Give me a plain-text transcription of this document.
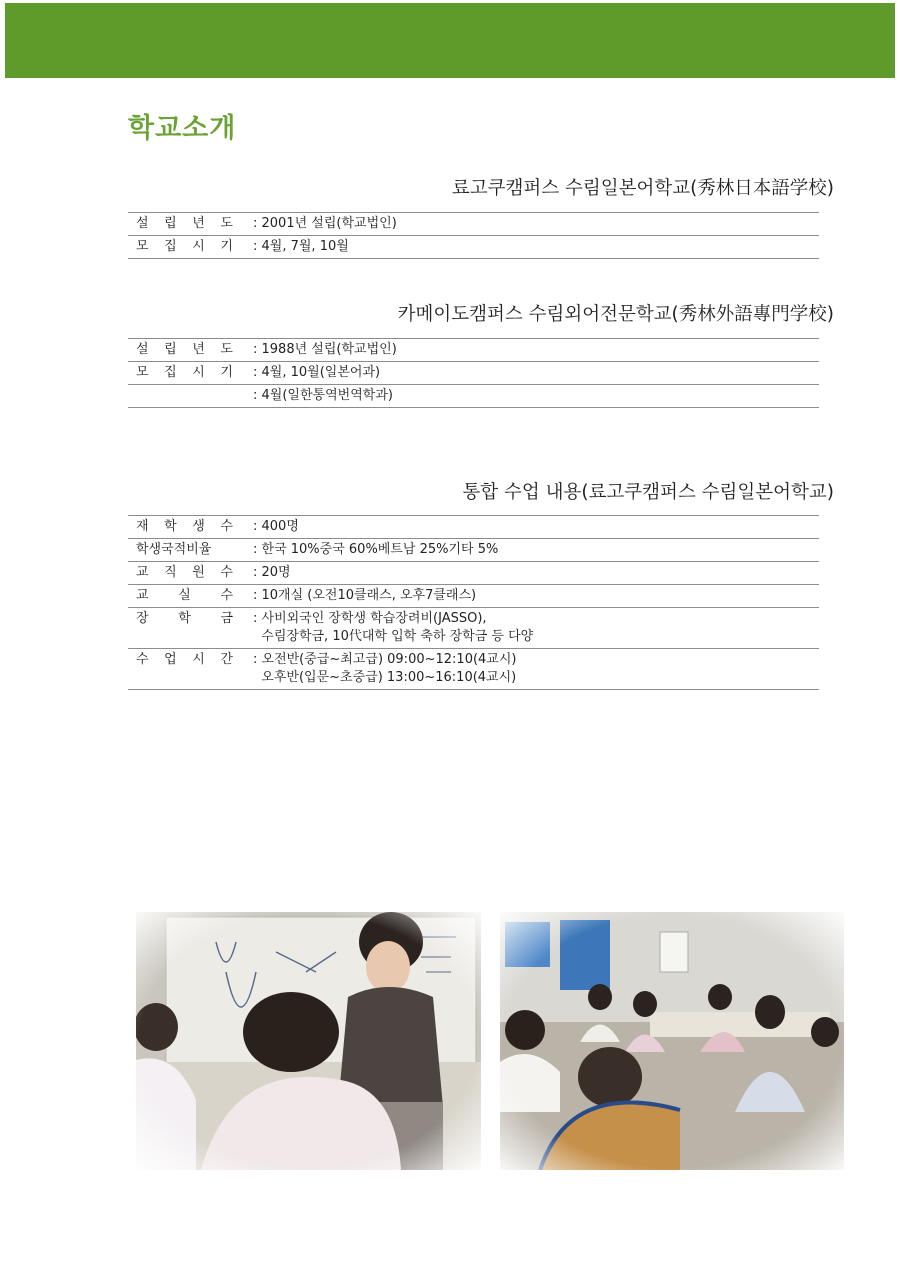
학교소개
료고쿠캠퍼스 수림일본어학교(秀林日本語学校)
설 립 년 도	: 2001년 설립(학교법인)

모 집 시 기	: 4월, 7월, 10월
카메이도캠퍼스 수림외어전문학교(秀林外語專門学校)
설 립 년 도	: 1988년 설립(학교법인)

모 집 시 기	: 4월, 10월(일본어과)
	: 4월(일한통역번역학과)
통합 수업 내용(료고쿠캠퍼스 수림일본어학교)
재 학 생 수	: 400명
학생국적비율	: 한국 10%중국 60%베트남 25%기타 5%

교 직 원 수	: 20명

교 실 수	: 10개실 (오전10클래스, 오후7클래스)

장 학 금	: 사비외국인 장학생 학습장려비(JASSO),
수림장학금, 10代대학 입학 축하 장학금 등 다양

수 업 시 간	: 오전반(중급~최고급) 09:00~12:10(4교시)
오후반(입문~초중급) 13:00~16:10(4교시)
